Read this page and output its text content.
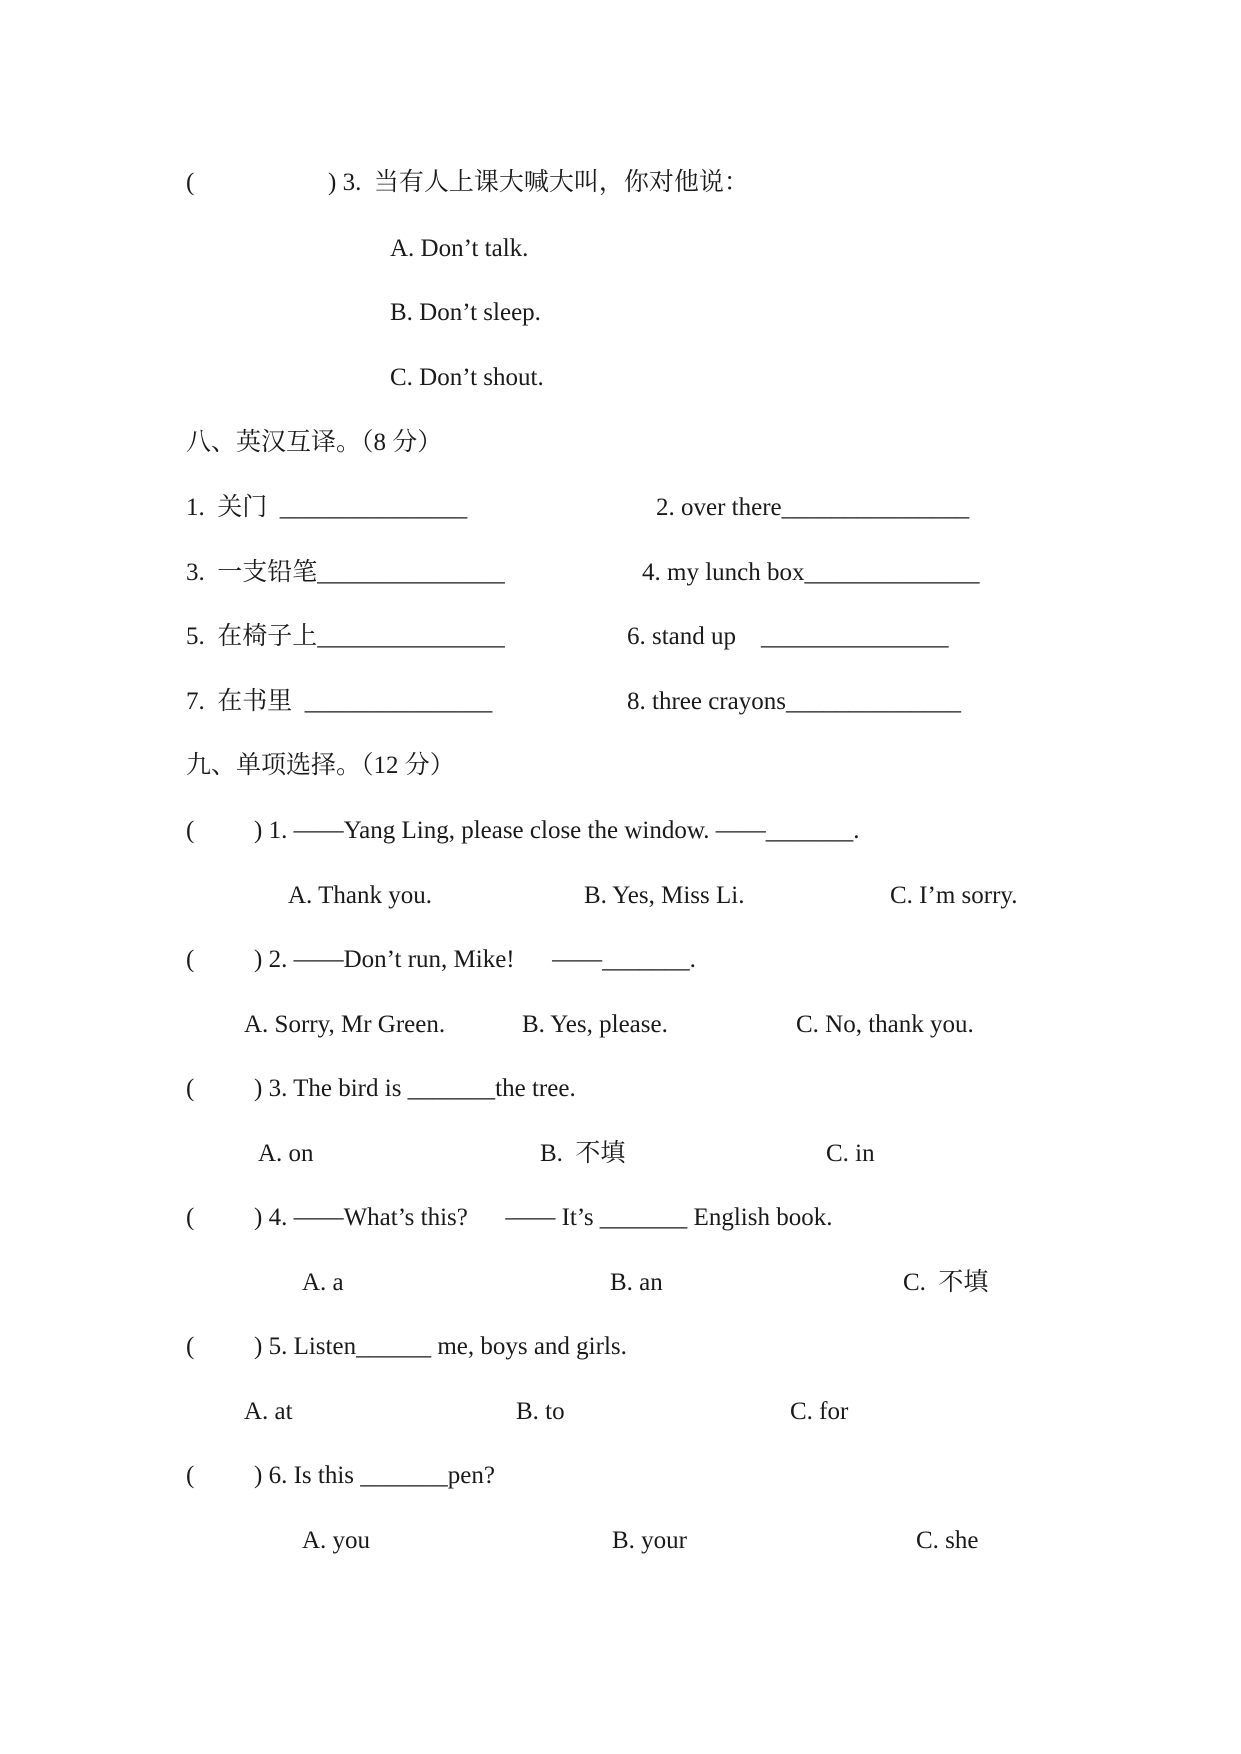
(	) 3.  当有人上课大喊大叫，你对他说：
A. Don’t talk.
B. Don’t sleep.
C. Don’t shout.
八、英汉互译。（8 分）
1.  关门  _______________	2. over there_______________
3.  一支铅笔_______________	4. my lunch box______________
5.  在椅子上_______________	6. stand up    _______________
7.  在书里  _______________	8. three crayons______________
九、单项选择。（12 分）
( ) 1. ——Yang Ling, please close the window. ——_______.
A. Thank you.	B. Yes, Miss Li.	C. I’m sorry.
( ) 2. ——Don’t run, Mike!      ——_______.
A. Sorry, Mr Green.	B. Yes, please.	C. No, thank you.
( ) 3. The bird is _______the tree.
A. on	B.  不填	C. in
( ) 4. ——What’s this?      —— It’s _______ English book.
A. a	B. an	C.  不填
( ) 5. Listen______ me, boys and girls.
A. at	B. to	C. for
( ) 6. Is this _______pen?
A. you	B. your	C. she
